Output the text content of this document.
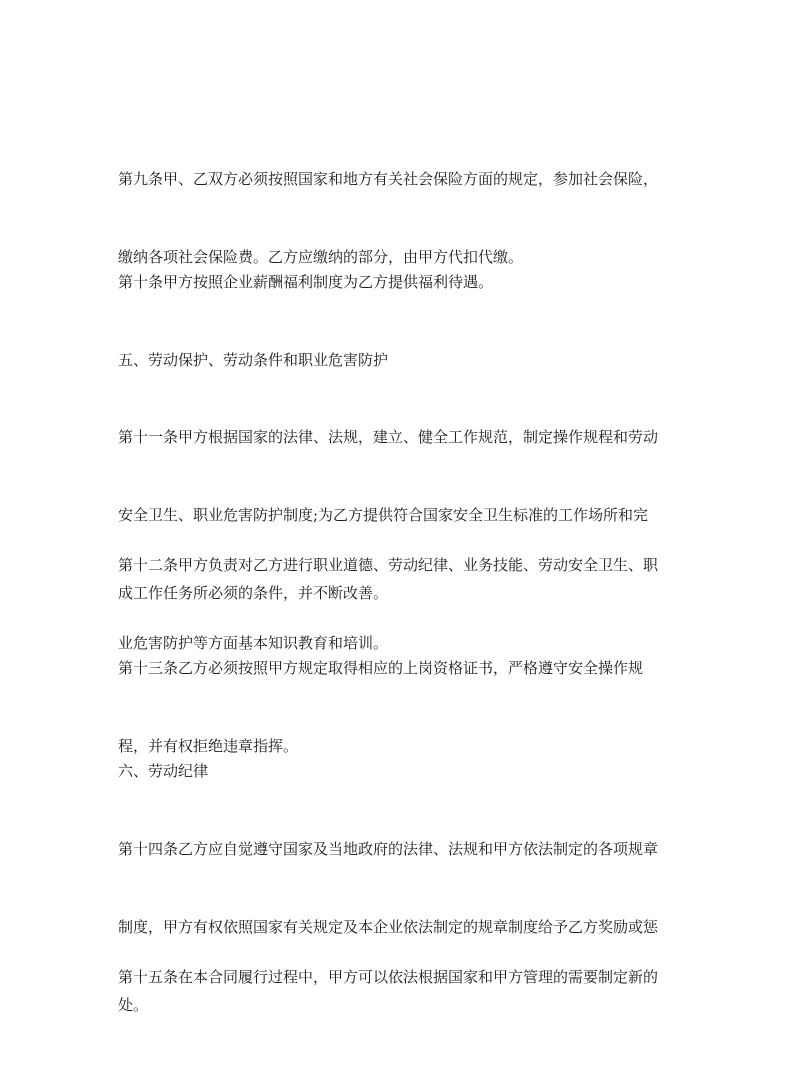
第九条甲、乙双方必须按照国家和地方有关社会保险方面的规定，参加社会保险，

缴纳各项社会保险费。乙方应缴纳的部分，由甲方代扣代缴。

第十条甲方按照企业薪酬福利制度为乙方提供福利待遇。

五、劳动保护、劳动条件和职业危害防护

第十一条甲方根据国家的法律、法规，建立、健全工作规范，制定操作规程和劳动

安全卫生、职业危害防护制度;为乙方提供符合国家安全卫生标准的工作场所和完

成工作任务所必须的条件，并不断改善。

第十二条甲方负责对乙方进行职业道德、劳动纪律、业务技能、劳动安全卫生、职

业危害防护等方面基本知识教育和培训。

第十三条乙方必须按照甲方规定取得相应的上岗资格证书，严格遵守安全操作规

程，并有权拒绝违章指挥。

六、劳动纪律

第十四条乙方应自觉遵守国家及当地政府的法律、法规和甲方依法制定的各项规章

制度，甲方有权依照国家有关规定及本企业依法制定的规章制度给予乙方奖励或惩

处。

第十五条在本合同履行过程中，甲方可以依法根据国家和甲方管理的需要制定新的
